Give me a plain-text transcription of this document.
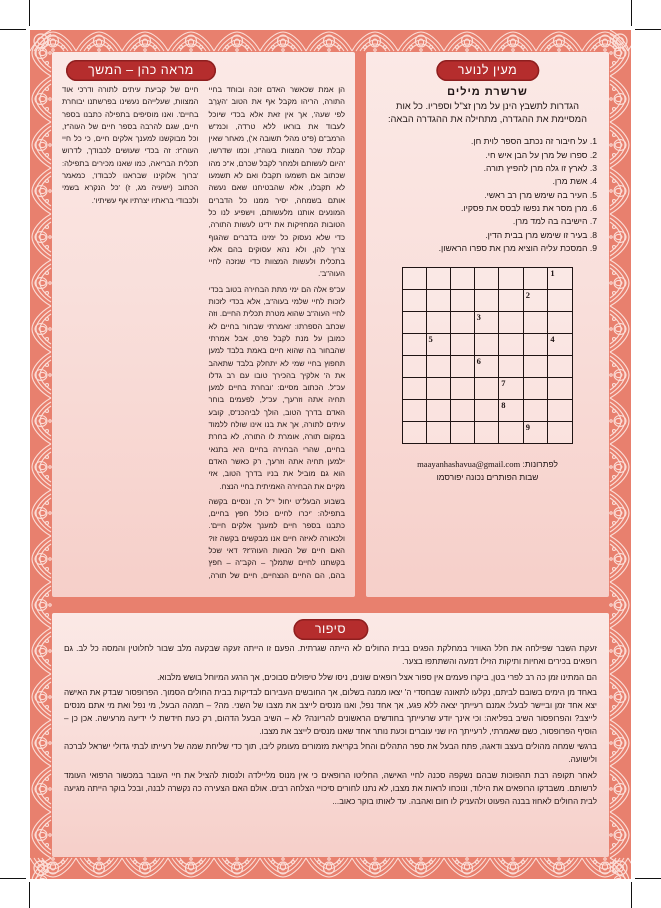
מראה כהן – המשך

הן אמת שכאשר האדם זוכה ובוחד בחיי התורה, הריהו מקבל אף את הטוב 'העָרֵב לפי שעה', אך אין זאת אלא בכדי שיוכל לעבוד את בוראו ללא טרדה, וכמ"ש הרמב"ם (פ"ט מהל' תשובה א'), מאחר שאין קבלת שכר המצוות בעוה"ז, וכמו שדרשו, 'היום לעשותם ולמחר לקבל שכרם, א"כ מהו שכתוב אם תשמעו תקבלו ואם לא תשמעו לא תקבלו, אלא שהבטיחנו שאם נעשה אותם בשמחה, יסיר ממנו כל הדברים המונעים אותנו מלעשותם, וישפיע לנו כל הטובות המחזיקות את ידינו לעשות התורה, כדי שלא נעסוק כל ימינו בדברים שהגוף צריך להן, ולא נהא עסוקים בהם אלא בתכלית ולעשות המצוות כדי שנזכה לחיי העוה"ב'.

עכ"פ אלה הם ימי מתת הבחירה בטוב בכדי לזכות לחיי שלמי בעוה"ב, אלא בכדי לזכות לחיי העוה"ב שהוא מטרת תכלית החיים. וזה שכתב הספרתו: 'ואמרתי שבחור בחיים לא כמובן על מנת לקבל פרס, אבל אמרתי שהבחור בה שהוא חיים באמת בלבד למען תחפוץ בחיי שמי לא יתחלק בלבד שתאהב את ה' אלקיך בהכירך טובו עם רב גדלו עכ"ל. הכתוב מסיים: 'ובחרת בחיים למען תחיה אתה וזרעך', עכ"ל, לפעמים בוחר האדם בדרך הטוב, הולך לביהכנ"ס, קובע עיתים לתורה, אך את בנו אינו שולח ללמוד במקום תורה, אומרת לו התורה, לא בחרת בחיים, שהרי הבחירה בחיים היא בתנאי ילמען תחיה אתה וזרעך, רק כאשר האדם הוא גם מוביל את בניו בדרך הטוב, אזי מקיים את הבחירה האמיתית בחיי הנצח.

בשבוע הבעל"ט יחול י"ל ה', ונסיים בקשה בתפילה: 'יכרו לחיים כולל חפץ בחיים, כתבנו בספר חיים למענך אלקים חיים'. ולכאורה לאיזה חיים אנו מבקשים בקשה זו? האם חיים של הנאות העוה"ז? דאי שכל בקשתנו לחיים שתמלך – הקב"ה – חפץ בהם, הם החיים הנצחיים, חיים של תורה, חיים של קביעת עיתים לתורה ודרכי אוד המצוות, שעלייהם נעשינו בפרשתנו יבוחרת בחיים'. ואנו מוסיפים בתפילה כתבנו בספר חיים, שגם להרבה בספר חיים של העוה"ז, וכל מבוקשנו למענך אלקים חיים, כי כל חיי העוה"ז: זה בכדי שעושים לכבודך, לדרוש תכלית הבריאה, כמו שאנו מכירים בתפילה: 'ברוך אלוקינו שבראנו לכבודו', כמאמר הכתוב (ישעיה מג, ז) 'כל הנקרא בשמי ולכבודי בראתיו יצרתיו אף עשיתיו'.

מעין לנוער
שרשרת מילים
הגדרות לתשבץ הינן על מרן זצ"ל וספריו. כל אות המסיימת את ההגדרה, מתחילה את ההגדרה הבאה:
1. על חיבור זה נכתב הספר לוית חן.
2. ספרו של מרן על הבן איש חי.
3. לארץ זו גלה מרן להפיץ תורה.
4. אשת מרן.
5. העיר בה שימש מרן רב ראשי.
6. מרן מסר את נפשו לבסס את פסקיו.
7. הישיבה בה למד מרן.
8. בעיר זו שימש מרן בבית הדין.
9. המסכת עליה הוציא מרן את ספרו הראשון.
						1
					2	
			3			
	5					4
			6			
				7		
				8		
					9	
לפתרונות: maayanhashavua@gmail.com
שבות הפותרים נכונה יפורסמו
סיפור

זעקת השבר שפילחה את חלל האוויר במחלקת הפגים בבית החולים לא הייתה שגרתית. הפעם זו הייתה זעקה שבקעה מלב שבור לחלוטין והמסה כל לב. גם רופאים בכירים ואחיות ותיקות הזילו דמעה והשתתפו בצער.

הם המתינו זמן כה רב לפרי בטן, ביקרו פעמים אין ספור אצל רופאים שונים, ניסו שלל טיפולים סבוכים, אך הרגע המיוחל בושש מלבוא.

באחד מן הימים בשובם לביתם, נקלעו לתאונה שבחסדי ה' יצאו ממנה בשלום, אך החובשים העבירום לבדיקות בבית החולים הסמוך. הפרופסור שבדק את האישה יצא אחד זמן וביישר לבעל: אמנם רעייתך יצאה ללא פגע, אך אחד נפל, ואנו מנסים לייצב את מצבו של השני. מה? – תמהה הבעל, מי נפל ואת מי אתם מנסים לייצב? והפרופסור השיב בפליאה: וכי אינך יודע שרעייתך בחודשים הראשונים להריונה? לא – השיב הבעל הדהום, רק כעת חידשת לי ידיעה מרעישה. אכן כן – הוסיף הפרופסור, כשם שאמרתי, לרעייתך היו שני עוברים וכעת נותר אחד שאנו מנסים לייצב את מצבו.

ברגשי שמחה מהולים בעצב ודאגה, פתח הבעל את ספר התהלים והחל בקריאת מזמורים מעומק ליבו, תוך כדי שליחת שמה של רעייתו לבתי גדולי ישראל לברכה ולישועה.

לאחר תקופה רבת תהפוכות שבהם נשקפה סכנה לחיי האישה, החליטו הרופאים כי אין מנוס מליילדה ולנסות להציל את חיי העובר במכשור הרפואי העומד לרשותם. משבדקו הרופאים את הילוד, ונוכחו לראות את מצבו, לא נתנו לחורים סיכויי הצלחה רבים. אולם האם הצעירה כה נקשרה לבנה, ובכל בוקר הייתה מגיעה לבית החולים לאחוז בבנה הפעוט ולהעניק לו חום ואהבה. עד לאותו בוקר כאוב...
